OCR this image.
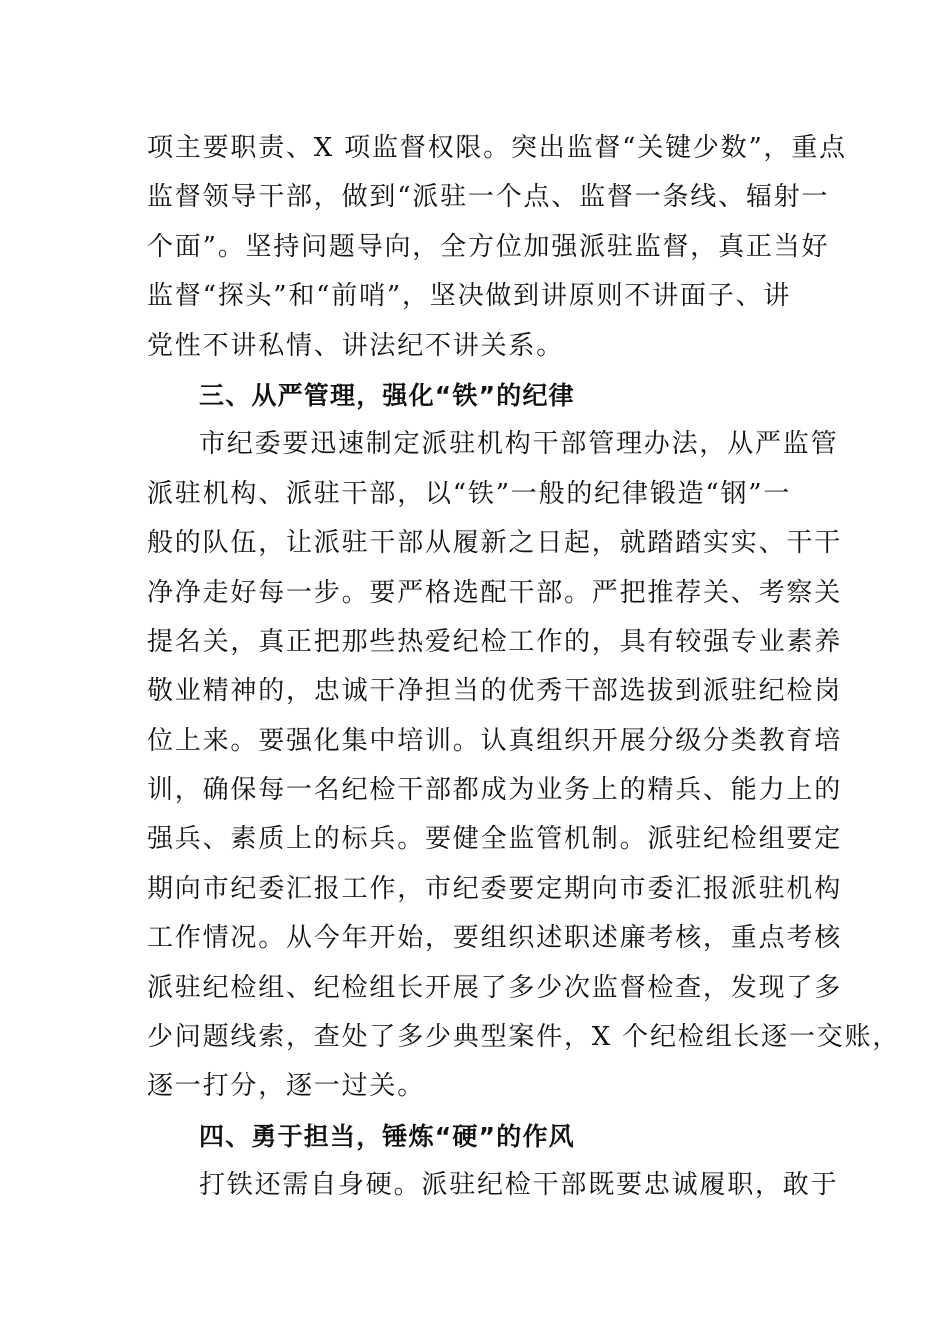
项主要职责、X 项监督权限。突出监督“关键少数”，重点
监督领导干部，做到“派驻一个点、监督一条线、辐射一
个面”。坚持问题导向，全方位加强派驻监督，真正当好
监督“探头”和“前哨”，坚决做到讲原则不讲面子、讲
党性不讲私情、讲法纪不讲关系。
三、从严管理，强化“铁”的纪律
市纪委要迅速制定派驻机构干部管理办法，从严监管
派驻机构、派驻干部，以“铁”一般的纪律锻造“钢”一
般的队伍，让派驻干部从履新之日起，就踏踏实实、干干
净净走好每一步。要严格选配干部。严把推荐关、考察关
提名关，真正把那些热爱纪检工作的，具有较强专业素养
敬业精神的，忠诚干净担当的优秀干部选拔到派驻纪检岗
位上来。要强化集中培训。认真组织开展分级分类教育培
训，确保每一名纪检干部都成为业务上的精兵、能力上的
强兵、素质上的标兵。要健全监管机制。派驻纪检组要定
期向市纪委汇报工作，市纪委要定期向市委汇报派驻机构
工作情况。从今年开始，要组织述职述廉考核，重点考核
派驻纪检组、纪检组长开展了多少次监督检查，发现了多
少问题线索，查处了多少典型案件，X 个纪检组长逐一交账，
逐一打分，逐一过关。
四、勇于担当，锤炼“硬”的作风
打铁还需自身硬。派驻纪检干部既要忠诚履职，敢于
